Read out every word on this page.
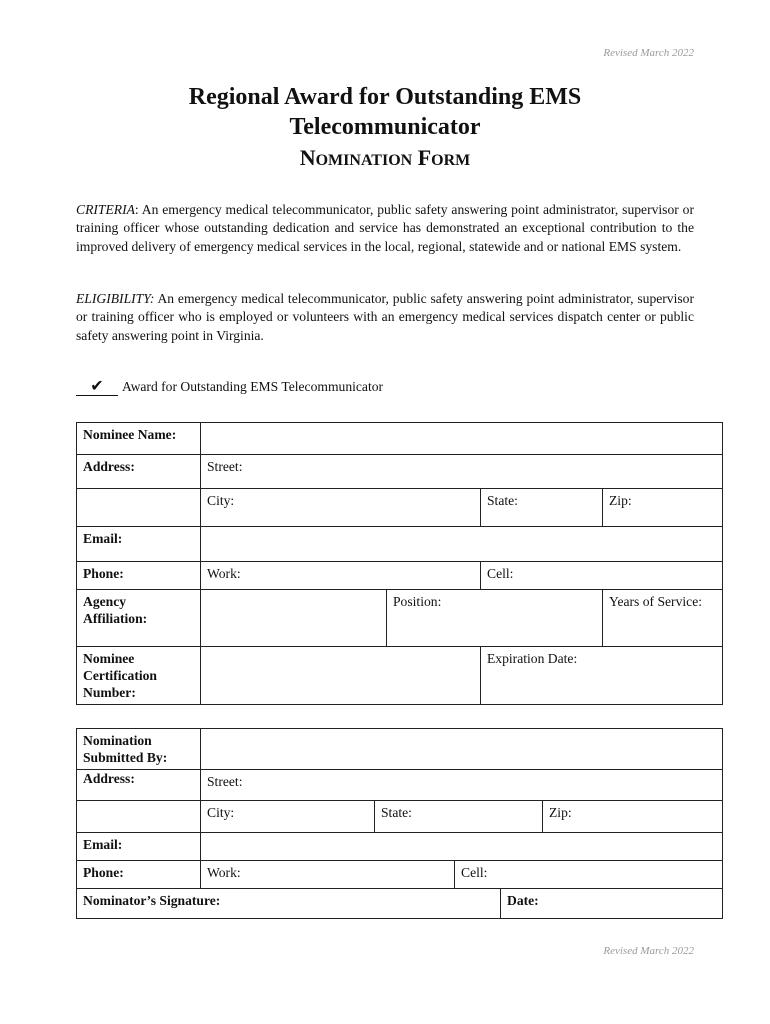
Revised March 2022
Regional Award for Outstanding EMS
Telecommunicator
NOMINATION FORM

CRITERIA: An emergency medical telecommunicator, public safety answering point administrator, supervisor or training officer whose outstanding dedication and service has demonstrated an exceptional contribution to the improved delivery of emergency medical services in the local, regional, statewide and or national EMS system.

ELIGIBILITY: An emergency medical telecommunicator, public safety answering point administrator, supervisor or training officer who is employed or volunteers with an emergency medical services dispatch center or public safety answering point in Virginia.

✔ Award for Outstanding EMS Telecommunicator
Nominee Name:				
Address:	Street:			
	City:		State:	Zip:
Email:				
Phone:	Work:		Cell:	
Agency
Affiliation:		Position:		Years of Service:
Nominee
Certification
Number:			Expiration Date:	
Nomination
Submitted By:					
Address:	Street:				
	City:	State:			Zip:
Email:					
Phone:	Work:		Cell:		
Nominator’s Signature:				Date:	
Revised March 2022
